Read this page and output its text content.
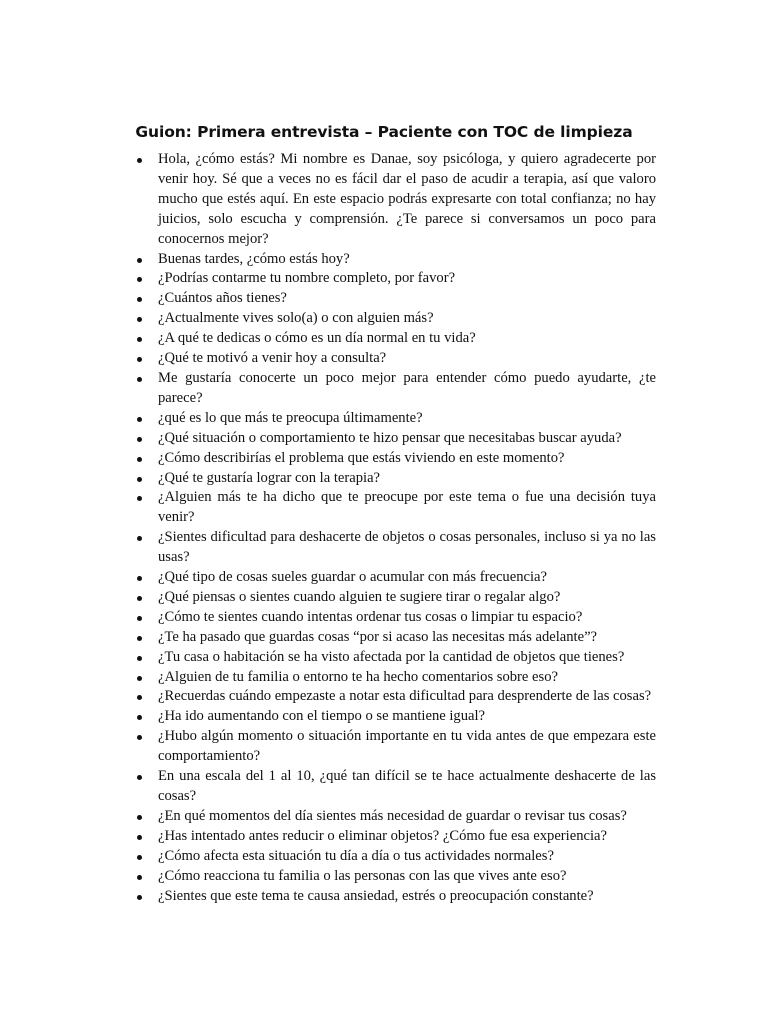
Guion: Primera entrevista – Paciente con TOC de limpieza
Hola, ¿cómo estás? Mi nombre es Danae, soy psicóloga, y quiero agradecerte por venir hoy. Sé que a veces no es fácil dar el paso de acudir a terapia, así que valoro mucho que estés aquí. En este espacio podrás expresarte con total confianza; no hay juicios, solo escucha y comprensión. ¿Te parece si conversamos un poco para conocernos mejor?
Buenas tardes, ¿cómo estás hoy?
¿Podrías contarme tu nombre completo, por favor?
¿Cuántos años tienes?
¿Actualmente vives solo(a) o con alguien más?
¿A qué te dedicas o cómo es un día normal en tu vida?
¿Qué te motivó a venir hoy a consulta?
Me gustaría conocerte un poco mejor para entender cómo puedo ayudarte, ¿te parece?
¿qué es lo que más te preocupa últimamente?
¿Qué situación o comportamiento te hizo pensar que necesitabas buscar ayuda?
¿Cómo describirías el problema que estás viviendo en este momento?
¿Qué te gustaría lograr con la terapia?
¿Alguien más te ha dicho que te preocupe por este tema o fue una decisión tuya venir?
¿Sientes dificultad para deshacerte de objetos o cosas personales, incluso si ya no las usas?
¿Qué tipo de cosas sueles guardar o acumular con más frecuencia?
¿Qué piensas o sientes cuando alguien te sugiere tirar o regalar algo?
¿Cómo te sientes cuando intentas ordenar tus cosas o limpiar tu espacio?
¿Te ha pasado que guardas cosas “por si acaso las necesitas más adelante”?
¿Tu casa o habitación se ha visto afectada por la cantidad de objetos que tienes?
¿Alguien de tu familia o entorno te ha hecho comentarios sobre eso?
¿Recuerdas cuándo empezaste a notar esta dificultad para desprenderte de las cosas?
¿Ha ido aumentando con el tiempo o se mantiene igual?
¿Hubo algún momento o situación importante en tu vida antes de que empezara este comportamiento?
En una escala del 1 al 10, ¿qué tan difícil se te hace actualmente deshacerte de las cosas?
¿En qué momentos del día sientes más necesidad de guardar o revisar tus cosas?
¿Has intentado antes reducir o eliminar objetos? ¿Cómo fue esa experiencia?
¿Cómo afecta esta situación tu día a día o tus actividades normales?
¿Cómo reacciona tu familia o las personas con las que vives ante eso?
¿Sientes que este tema te causa ansiedad, estrés o preocupación constante?
